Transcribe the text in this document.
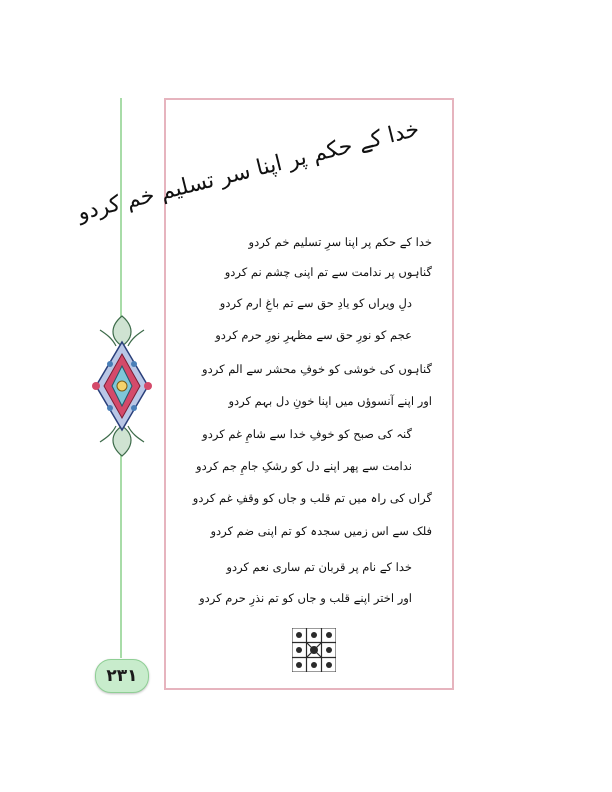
۲۳۱
خدا کے حکم پر اپنا سر تسلیم خم کردو

خدا کے حکم پر اپنا سرِ تسلیم خم کردو

گناہوں پر ندامت سے تم اپنی چشم نم کردو

دلِ ویراں کو یادِ حق سے تم باغِ ارم کردو

عجم کو نورِ حق سے مظہرِ نورِ حرم کردو

گناہوں کی خوشی کو خوفِ محشر سے الم کردو

اور اپنے آنسوؤں میں اپنا خونِ دل بہم کردو

گنہ کی صبح کو خوفِ خدا سے شامِ غم کردو

ندامت سے پھر اپنے دل کو رشکِ جامِ جم کردو

گراں کی راہ میں تم قلب و جاں کو وقفِ غم کردو

فلک سے اس زمیں سجدہ کو تم اپنی ضم کردو

خدا کے نام پر قربان تم ساری نعم کردو

اور اختر اپنے قلب و جاں کو تم نذرِ حرم کردو
